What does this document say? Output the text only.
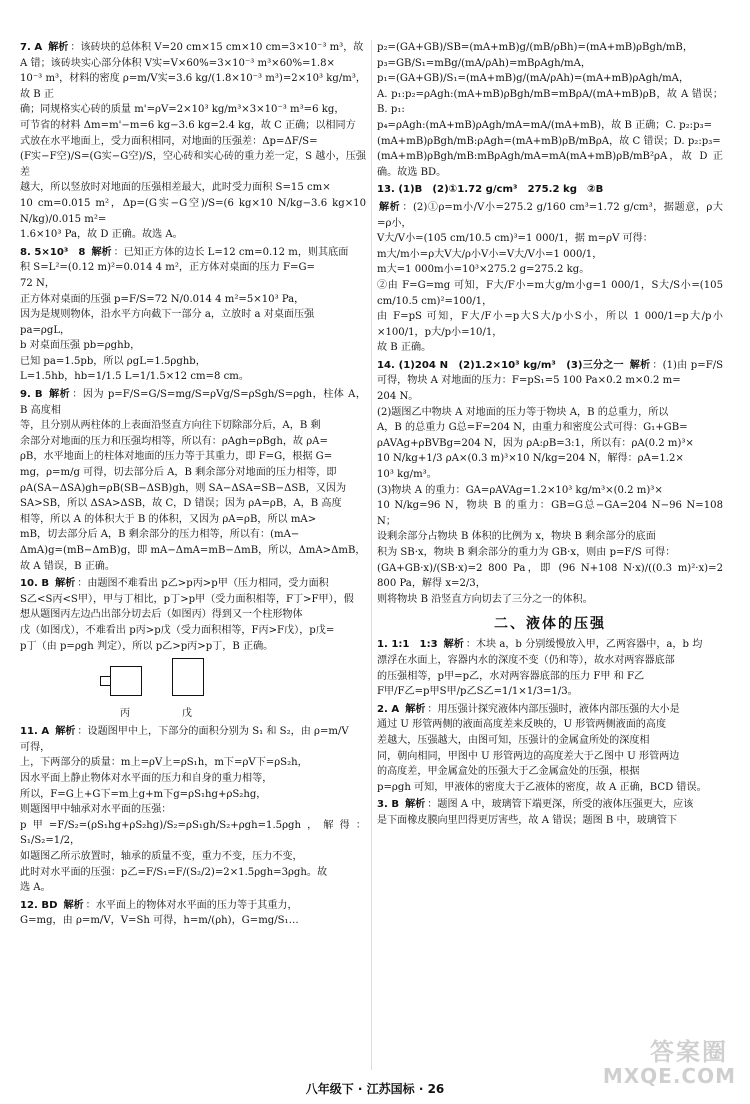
7. A 解析 ：该砖块的总体积 V=20 cm×15 cm×10 cm=3×10⁻³ m³，故
A 错；该砖块实心部分体积 V实=V×60%=3×10⁻³ m³×60%=1.8×
10⁻³ m³，材料的密度 ρ=m/V实=3.6 kg/(1.8×10⁻³ m³)=2×10³ kg/m³，故 B 正
确；同规格实心砖的质量 m'=ρV=2×10³ kg/m³×3×10⁻³ m³=6 kg，
可节省的材料 Δm=m'−m=6 kg−3.6 kg=2.4 kg，故 C 正确；以相同方
式放在水平地面上，受力面积相同，对地面的压强差：Δp=ΔF/S=
(F实−F空)/S=(G实−G空)/S，空心砖和实心砖的重力差一定，S 越小，压强差
越大，所以竖放时对地面的压强相差最大，此时受力面积 S=15 cm×
10 cm=0.015 m²，Δp=(G实−G空)/S=(6 kg×10 N/kg−3.6 kg×10 N/kg)/0.015 m²=
1.6×10³ Pa，故 D 正确。故选 A。
8. 5×10³　8 解析 ：已知正方体的边长 L=12 cm=0.12 m，则其底面
积 S=L²=(0.12 m)²=0.014 4 m²，正方体对桌面的压力 F=G=
72 N，
正方体对桌面的压强 p=F/S=72 N/0.014 4 m²=5×10³ Pa，
因为是规则物体，沿水平方向截下一部分 a，立放时 a 对桌面压强
pa=ρgL，
b 对桌面压强 pb=ρghb，
已知 pa=1.5pb，所以 ρgL=1.5ρghb，
L=1.5hb，hb=1/1.5 L=1/1.5×12 cm=8 cm。
9. B 解析 ：因为 p=F/S=G/S=mg/S=ρVg/S=ρSgh/S=ρgh，柱体 A，B 高度相
等，且分别从两柱体的上表面沿竖直方向往下切除部分后，A，B 剩
余部分对地面的压力和压强均相等，所以有：ρAgh=ρBgh，故 ρA=
ρB，水平地面上的柱体对地面的压力等于其重力，即 F=G，根据 G=
mg，ρ=m/g 可得，切去部分后 A，B 剩余部分对地面的压力相等，即
ρA(SA−ΔSA)gh=ρB(SB−ΔSB)gh，则 SA−ΔSA=SB−ΔSB，又因为
SA>SB，所以 ΔSA>ΔSB，故 C，D 错误；因为 ρA=ρB，A，B 高度
相等，所以 A 的体积大于 B 的体积，又因为 ρA=ρB，所以 mA>
mB，切去部分后 A，B 剩余部分的压力相等，所以有：(mA−
ΔmA)g=(mB−ΔmB)g，即 mA−ΔmA=mB−ΔmB，所以，ΔmA>ΔmB，
故 A 错误，B 正确。
10. B 解析 ：由题图不难看出 p乙>p丙>p甲（压力相同，受力面积
S乙<S丙<S甲），甲与丁相比，p丁>p甲（受力面积相等，F丁>F甲），假
想从题图丙左边凸出部分切去后（如图丙）得到又一个柱形物体
戊（如图戊），不难看出 p丙>p戊（受力面积相等，F丙>F戊），p戊=
p丁（由 p=ρgh 判定），所以 p乙>p丙>p丁，B 正确。
丙	戊
11. A 解析 ：设题图甲中上，下部分的面积分别为 S₁ 和 S₂，由 ρ=m/V
可得，
上，下两部分的质量：m上=ρV上=ρS₁h，m下=ρV下=ρS₂h，
因水平面上静止物体对水平面的压力和自身的重力相等，
所以，F=G上+G下=m上g+m下g=ρS₁hg+ρS₂hg，
则题图甲中轴承对水平面的压强：
p甲=F/S₂=(ρS₁hg+ρS₂hg)/S₂=ρS₁gh/S₂+ρgh=1.5ρgh，解得：S₁/S₂=1/2，
如题图乙所示放置时，轴承的质量不变，重力不变，压力不变，
此时对水平面的压强：p乙=F/S₁=F/(S₂/2)=2×1.5ρgh=3ρgh。故
选 A。
12. BD 解析 ：水平面上的物体对水平面的压力等于其重力，
G=mg，由 ρ=m/V，V=Sh 可得，h=m/(ρh)，G=mg/S₁…
p₂=(GA+GB)/SB=(mA+mB)g/(mB/ρBh)=(mA+mB)ρBgh/mB，
p₃=GB/S₁=mBg/(mA/ρAh)=mBρAgh/mA，
p₁=(GA+GB)/S₁=(mA+mB)g/(mA/ρAh)=(mA+mB)ρAgh/mA，
A. p₁:p₂=ρAgh:(mA+mB)ρBgh/mB=mBρA/(mA+mB)ρB，故 A 错误；B. p₁:
p₄=ρAgh:(mA+mB)ρAgh/mA=mA/(mA+mB)，故 B 正确；C. p₂:p₃=
(mA+mB)ρBgh/mB:ρAgh=(mA+mB)ρB/mBρA，故 C 错误；D. p₂:p₃=
(mA+mB)ρBgh/mB:mBρAgh/mA=mA(mA+mB)ρB/mB²ρA，故 D 正确。故选 BD。
13. (1)B　(2)①1.72 g/cm³　275.2 kg　②B
解析 ：(2)①ρ=m小/V小=275.2 g/160 cm³=1.72 g/cm³，据题意，ρ大=ρ小，
V大/V小=(105 cm/10.5 cm)³=1 000/1，据 m=ρV 可得：
m大/m小=ρ大V大/ρ小V小=V大/V小=1 000/1，
m大=1 000m小=10³×275.2 g=275.2 kg。
②由 F=G=mg 可知，F大/F小=m大g/m小g=1 000/1，S大/S小=(105 cm/10.5 cm)²=100/1，
由 F=pS 可知，F大/F小=p大S大/p小S小，所以 1 000/1=p大/p小×100/1，p大/p小=10/1，
故 B 正确。
14. (1)204 N　(2)1.2×10³ kg/m³　(3)三分之一 解析 ：(1)由 p=F/S 可得，物块 A 对地面的压力：F=pS₁=5 100 Pa×0.2 m×0.2 m=
204 N。
(2)题图乙中物块 A 对地面的压力等于物块 A，B 的总重力，所以
A，B 的总重力 G总=F=204 N，由重力和密度公式可得：G₁+GB=
ρAVAg+ρBVBg=204 N，因为 ρA:ρB=3:1，所以有：ρA(0.2 m)³×
10 N/kg+1/3 ρA×(0.3 m)³×10 N/kg=204 N，解得：ρA=1.2×
10³ kg/m³。
(3)物块 A 的重力：GA=ρAVAg=1.2×10³ kg/m³×(0.2 m)³×
10 N/kg=96 N，物块 B 的重力：GB=G总−GA=204 N−96 N=108 N；
设剩余部分占物块 B 体积的比例为 x，物块 B 剩余部分的底面
积为 SB·x，物块 B 剩余部分的重力为 GB·x，则由 p=F/S 可得：
(GA+GB·x)/(SB·x)=2 800 Pa，即 (96 N+108 N·x)/((0.3 m)²·x)=2 800 Pa，解得 x=2/3，
则将物块 B 沿竖直方向切去了三分之一的体积。
二、液体的压强
1. 1:1　1:3 解析 ：木块 a，b 分别缓慢放入甲，乙两容器中，a，b 均
漂浮在水面上，容器内水的深度不变（仍和等），故水对两容器底部
的压强相等，p甲=p乙，水对两容器底部的压力 F甲 和 F乙
F甲/F乙=p甲S甲/p乙S乙=1/1×1/3=1/3。
2. A 解析 ：用压强计探究液体内部压强时，液体内部压强的大小是
通过 U 形管两侧的液面高度差来反映的，U 形管两侧液面的高度
差越大，压强越大，由图可知，压强计的金属盒所处的深度相
同，朝向相同，甲图中 U 形管两边的高度差大于乙图中 U 形管两边
的高度差，甲金属盒处的压强大于乙金属盒处的压强，根据
p=ρgh 可知，甲液体的密度大于乙液体的密度，故 A 正确，BCD 错误。
3. B 解析 ：题图 A 中，玻璃管下端更深，所受的液体压强更大，应该
是下面橡皮膜向里凹得更厉害些，故 A 错误；题图 B 中，玻璃管下
八年级下 · 江苏国标 · 26
答案圈
MXQE.COM
